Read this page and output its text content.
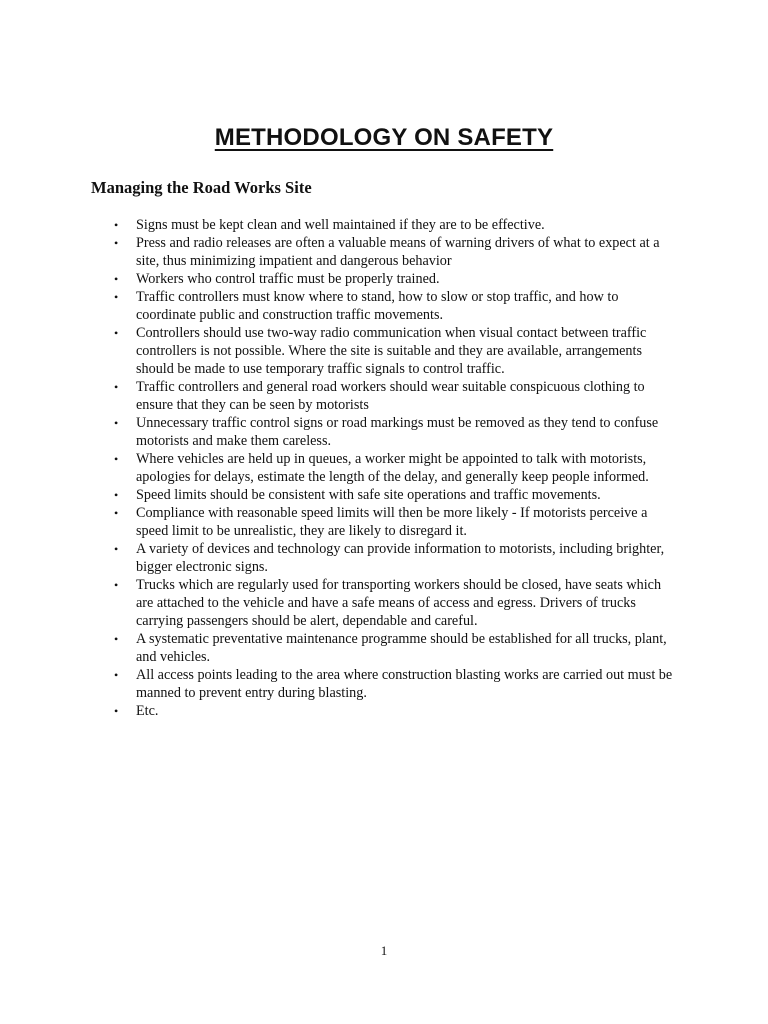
METHODOLOGY ON SAFETY
Managing the Road Works Site
•	Signs must be kept clean and well maintained if they are to be effective.
•	Press and radio releases are often a valuable means of warning drivers of what to expect at a site, thus minimizing impatient and dangerous behavior
•	Workers who control traffic must be properly trained.
•	Traffic controllers must know where to stand, how to slow or stop traffic, and how to coordinate public and construction traffic movements.
•	Controllers should use two-way radio communication when visual contact between traffic controllers is not possible. Where the site is suitable and they are available, arrangements should be made to use temporary traffic signals to control traffic.
•	Traffic controllers and general road workers should wear suitable conspicuous clothing to ensure that they can be seen by motorists
•	Unnecessary traffic control signs or road markings must be removed as they tend to confuse motorists and make them careless.
•	Where vehicles are held up in queues, a worker might be appointed to talk with motorists, apologies for delays, estimate the length of the delay, and generally keep people informed.
•	Speed limits should be consistent with safe site operations and traffic movements.
•	Compliance with reasonable speed limits will then be more likely - If motorists perceive a speed limit to be unrealistic, they are likely to disregard it.
•	A variety of devices and technology can provide information to motorists, including brighter, bigger electronic signs.
•	Trucks which are regularly used for transporting workers should be closed, have seats which are attached to the vehicle and have a safe means of access and egress. Drivers of trucks carrying passengers should be alert, dependable and careful.
•	A systematic preventative maintenance programme should be established for all trucks, plant, and vehicles.
•	All access points leading to the area where construction blasting works are carried out must be manned to prevent entry during blasting.
•	Etc.
1
